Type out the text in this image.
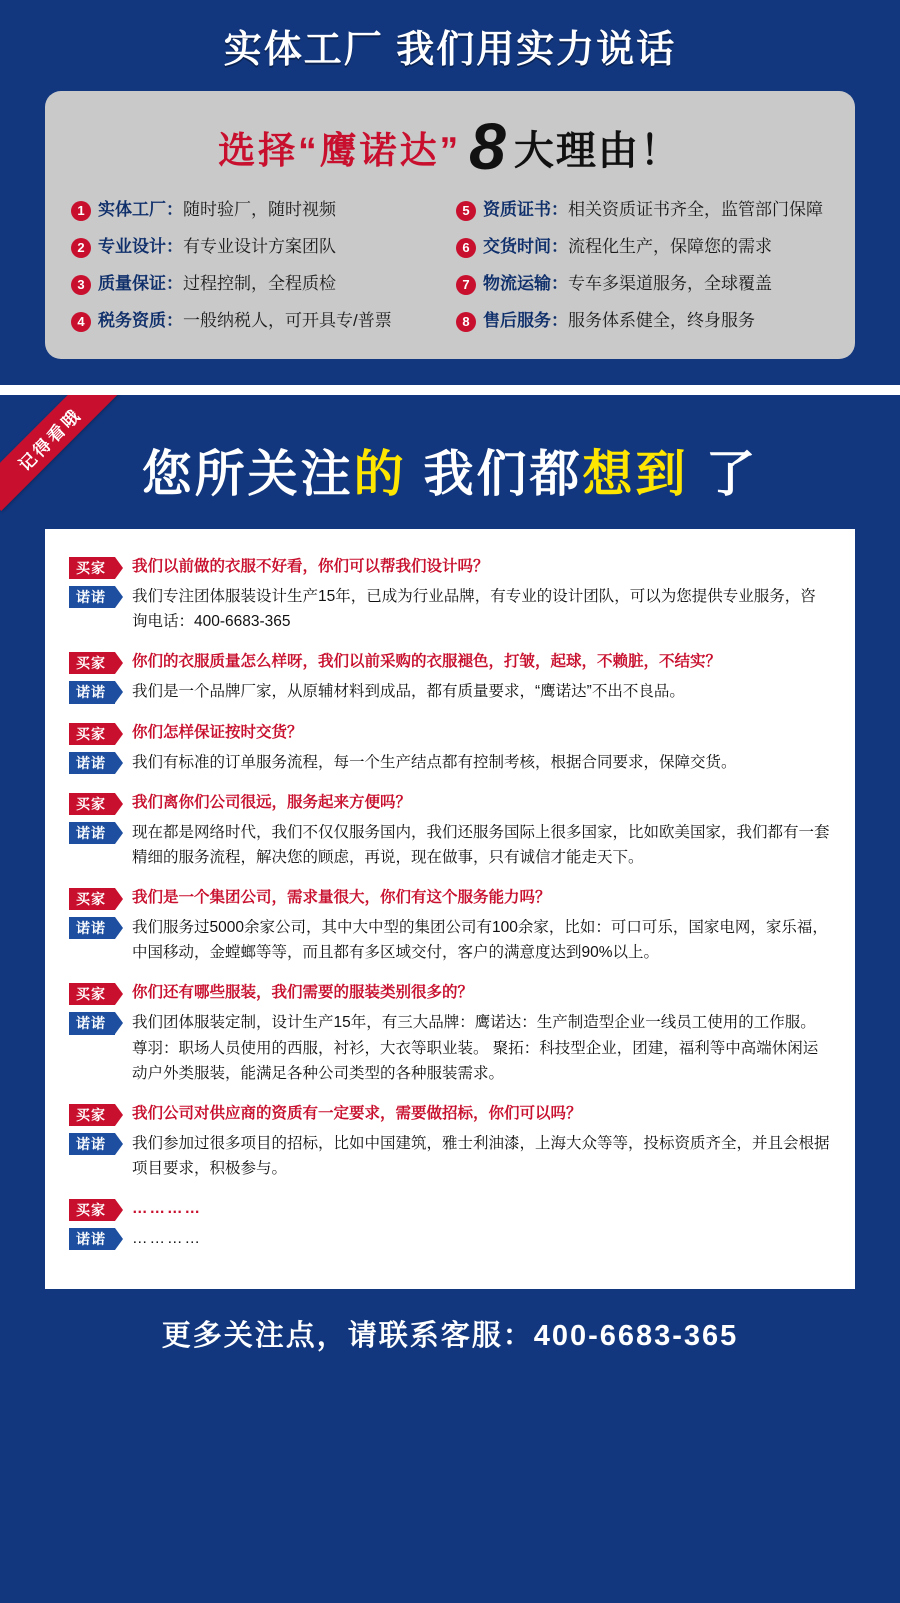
实体工厂 我们用实力说话
选择“鹰诺达” 8 大理由！
1 实体工厂：随时验厂，随时视频	5 资质证书：相关资质证书齐全，监管部门保障
2 专业设计：有专业设计方案团队	6 交货时间：流程化生产，保障您的需求
3 质量保证：过程控制，全程质检	7 物流运输：专车多渠道服务，全球覆盖
4 税务资质：一般纳税人，可开具专/普票	8 售后服务：服务体系健全，终身服务
记得看哦	您所关注的 我们都想到 了
买家	我们以前做的衣服不好看，你们可以帮我们设计吗？
诺诺	我们专注团体服装设计生产15年，已成为行业品牌，有专业的设计团队，可以为您提供专业服务，咨询电话：400-6683-365
买家	你们的衣服质量怎么样呀，我们以前采购的衣服褪色，打皱，起球，不赖脏，不结实？
诺诺	我们是一个品牌厂家，从原辅材料到成品，都有质量要求，“鹰诺达”不出不良品。
买家	你们怎样保证按时交货？
诺诺	我们有标准的订单服务流程，每一个生产结点都有控制考核，根据合同要求，保障交货。
买家	我们离你们公司很远，服务起来方便吗？
诺诺	现在都是网络时代，我们不仅仅服务国内，我们还服务国际上很多国家，比如欧美国家，我们都有一套精细的服务流程，解决您的顾虑，再说，现在做事，只有诚信才能走天下。
买家	我们是一个集团公司，需求量很大，你们有这个服务能力吗？
诺诺	我们服务过5000余家公司，其中大中型的集团公司有100余家，比如：可口可乐，国家电网，家乐福，中国移动，金螳螂等等，而且都有多区域交付，客户的满意度达到90%以上。
买家	你们还有哪些服装，我们需要的服装类别很多的？
诺诺	我们团体服装定制，设计生产15年，有三大品牌：鹰诺达：生产制造型企业一线员工使用的工作服。尊羽：职场人员使用的西服，衬衫，大衣等职业装。 聚拓：科技型企业，团建，福利等中高端休闲运动户外类服装，能满足各种公司类型的各种服装需求。
买家	我们公司对供应商的资质有一定要求，需要做招标，你们可以吗？
诺诺	我们参加过很多项目的招标，比如中国建筑，雅士利油漆，上海大众等等，投标资质齐全，并且会根据项目要求，积极参与。
买家	…………
诺诺	…………
更多关注点，请联系客服：400-6683-365
